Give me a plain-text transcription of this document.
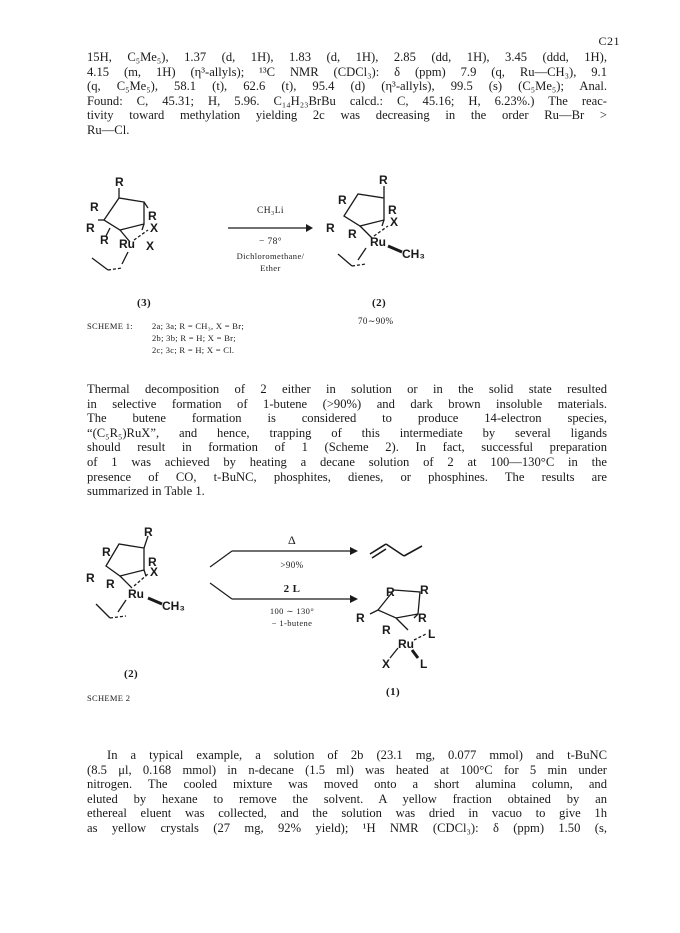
C21

15H, C₅Me₅), 1.37 (d, 1H), 1.83 (d, 1H), 2.85 (dd, 1H), 3.45 (ddd, 1H),
4.15 (m, 1H) (η³-allyls); ¹³C NMR (CDCl₃): δ (ppm) 7.9 (q, Ru—CH₃), 9.1
(q, C₅Me₅), 58.1 (t), 62.6 (t), 95.4 (d) (η³-allyls), 99.5 (s) (C₅Me₅); Anal.
Found: C, 45.31; H, 5.96. C₁₄H₂₃BrBu calcd.: C, 45.16; H, 6.23%.) The reac-
tivity toward methylation yielding 2c was decreasing in the order Ru—Br >
Ru—Cl.

R
R
R
R
R Ru
X
X
CH₃Li
− 78°
Dichloromethane/
Ether
R
R
R
R R
Ru
X
CH₃
(3)	(2)
70∼90%
SCHEME 1: 2a; 3a; R = CH₃, X = Br;
2b; 3b; R = H; X = Br;
2c; 3c; R = H; X = Cl.

Thermal decomposition of 2 either in solution or in the solid state resulted
in selective formation of 1-butene (>90%) and dark brown insoluble materials.
The butene formation is considered to produce 14-electron species,
“(C₅R₅)RuX”, and hence, trapping of this intermediate by several ligands
should result in formation of 1 (Scheme 2). In fact, successful preparation
of 1 was achieved by heating a decane solution of 2 at 100—130°C in the
presence of CO, t-BuNC, phosphites, dienes, or phosphines. The results are
summarized in Table 1.

R
R
R
R R
Ru
X
CH₃
Δ
>90%
2 L
100 ∼ 130°
− 1-butene
R R
R
R
R
Ru
L
L
X
(2)
(1)
SCHEME 2

In a typical example, a solution of 2b (23.1 mg, 0.077 mmol) and t-BuNC
(8.5 μl, 0.168 mmol) in n-decane (1.5 ml) was heated at 100°C for 5 min under
nitrogen. The cooled mixture was moved onto a short alumina column, and
eluted by hexane to remove the solvent. A yellow fraction obtained by an
ethereal eluent was collected, and the solution was dried in vacuo to give 1h
as yellow crystals (27 mg, 92% yield); ¹H NMR (CDCl₃): δ (ppm) 1.50 (s,
